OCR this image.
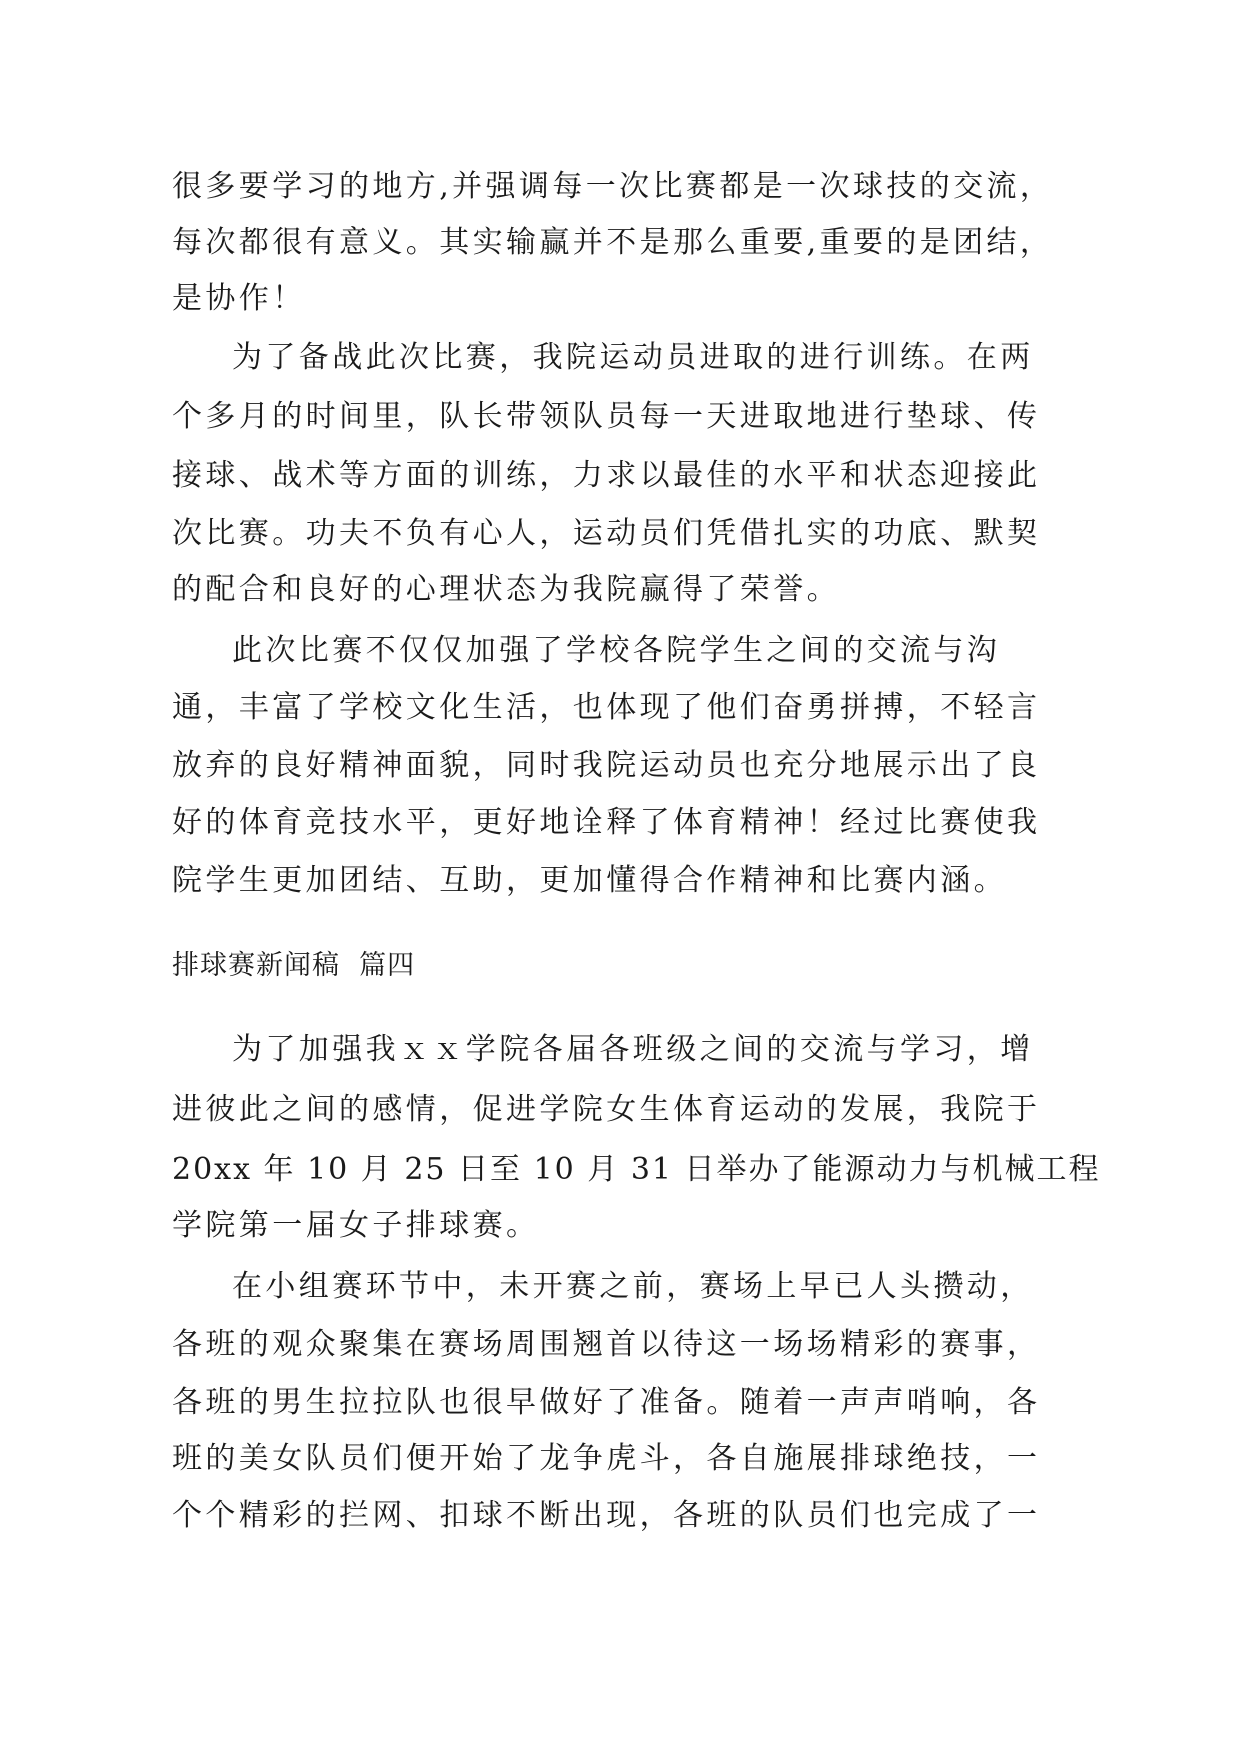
很多要学习的地方,并强调每一次比赛都是一次球技的交流，
每次都很有意义。其实输赢并不是那么重要,重要的是团结，
是协作！
为了备战此次比赛，我院运动员进取的进行训练。在两
个多月的时间里，队长带领队员每一天进取地进行垫球、传
接球、战术等方面的训练，力求以最佳的水平和状态迎接此
次比赛。功夫不负有心人，运动员们凭借扎实的功底、默契
的配合和良好的心理状态为我院赢得了荣誉。
此次比赛不仅仅加强了学校各院学生之间的交流与沟
通，丰富了学校文化生活，也体现了他们奋勇拼搏，不轻言
放弃的良好精神面貌，同时我院运动员也充分地展示出了良
好的体育竞技水平，更好地诠释了体育精神！经过比赛使我
院学生更加团结、互助，更加懂得合作精神和比赛内涵。
排球赛新闻稿  篇四
为了加强我ｘｘ学院各届各班级之间的交流与学习，增
进彼此之间的感情，促进学院女生体育运动的发展，我院于
20xx 年 10 月 25 日至 10 月 31 日举办了能源动力与机械工程
学院第一届女子排球赛。
在小组赛环节中，未开赛之前，赛场上早已人头攒动，
各班的观众聚集在赛场周围翘首以待这一场场精彩的赛事，
各班的男生拉拉队也很早做好了准备。随着一声声哨响，各
班的美女队员们便开始了龙争虎斗，各自施展排球绝技，一
个个精彩的拦网、扣球不断出现，各班的队员们也完成了一
